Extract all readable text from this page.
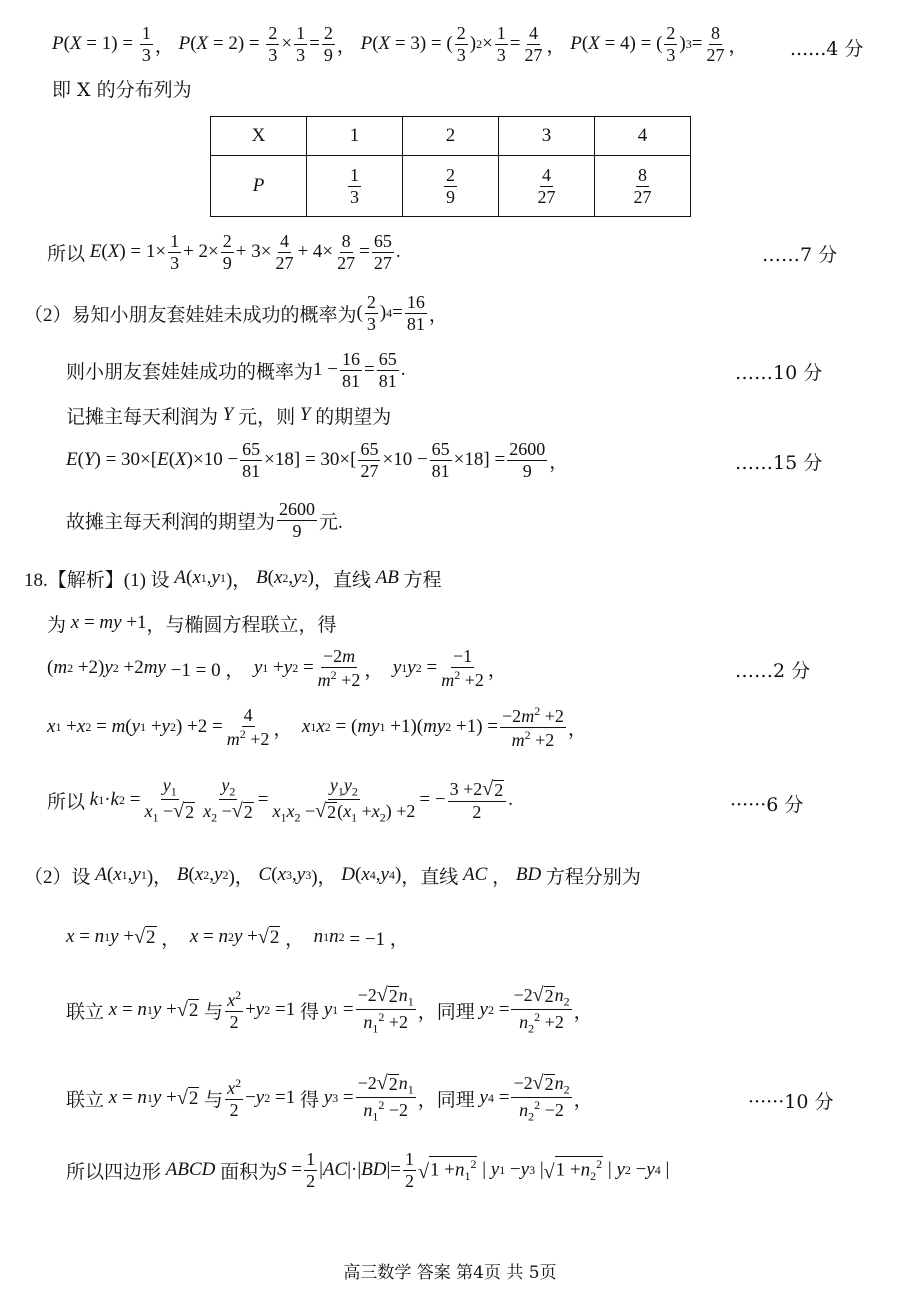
P ( $X = 1) = \frac{1}{3}$ ， P ( $X = 2) = \frac{2}{3} \times \frac{1}{3} = \frac{2}{9}$ ， P ( X = 3) = ( $\frac{2}{3}$ ) $2 \times \frac{1}{3} = \frac{4}{27}$ ， P ( X = 4) = ( $\frac{2}{3}$ ) $3 = \frac{8}{27}$ ， ......4 分
即 X 的分布列为
X	1	2	3	4
P	$\frac{1}{3}$	$\frac{2}{9}$	$\frac{4}{27}$	$\frac{8}{27}$
所以
E ( X ) = $1\times \frac{1}{3} + 2\times \frac{2}{9} + 3\times \frac{4}{27} + 4\times \frac{8}{27} = \frac{65}{27}$ .	……7 分
（2）易知小朋友套娃娃未成功的概率为 ( $\frac{2}{3}$ ) $4 = \frac{16}{81}$ ，
则小朋友套娃娃成功的概率为 $1 - \frac{16}{81} = \frac{65}{81}$ .	……10 分
记摊主每天利润为
Y
元，则
Y
的期望为
E ( Y ) = 30×[ E ( X )$\times 10 - \frac{65}{81} \times 18] = 30\times[ \frac{65}{27} \times 10 - \frac{65}{81} \times 18] = \frac{2600}{9}$ ，	……15 分
故摊主每天利润的期望为 $\frac{2600}{9}$ 元.
18.【解析】(1) 设
A ( x 1 , y 1 )， B ( x 2 , y 2 ) ，直线
AB
方程
为
x = my +1 ，与椭圆方程联立，得
( m 2 +2) y 2 +2 my −1 = 0 ， y 1 + y $2 = \frac{-2m}{m^2 +2}$ ， y 1 y $2 = \frac{-1}{m^2 +2}$ ，	……2 分
x 1 + x 2 = m ( y 1 + y 2 ) $+2 = \frac{4}{m^2 +2}$ ， x 1 x 2 = ( my 1 +1)( my $2 +1) = \frac{-2m^2 +2}{m^2 +2}$ ，
所以
k 1 · k $2 = \frac{y_1}{x_1 - √ 2} \frac{y_2}{x_2 - √ 2} = \frac{y_1y_2}{x_1x_2 - √ 2 (x_1 +x_2) +2}$ = − $\frac{3 +2 √ 2}{2}$ .	······6 分
（2）设
A ( x 1 , y 1 )， B ( x 2 , y 2 )， C ( x 3 , y 3 )， D ( x 4 , y 4 ) ，直线
AC ， BD
方程分别为
x = n 1 y + √ 2 ， x = n 2 y + √ 2 ， n 1 n 2 = −1 ，
联立
x = n 1 y + √ 2
与 $\frac{x^2}{2} + y$ 2 =1 得
y $1 = \frac{-2 √ 2 n_1}{n_1^2 +2}$ ，同理
y $2 = \frac{-2 √ 2 n_2}{n_2^2 +2}$ ，
联立
x = n 1 y + √ 2
与 $\frac{x^2}{2} - y$ 2 =1 得
y $3 = \frac{-2 √ 2 n_1}{n_1^2 -2}$ ，同理
y $4 = \frac{-2 √ 2 n_2}{n_2^2 -2}$ ，	······10 分
所以四边形
ABCD
面积为 $S = \frac{1}{2}$ | AC |·| BD |= $\frac{1}{2}$ √ $1 +n_1^2$ | y 1 − y 3 | √ $1 +n_2^2$ | y 2 − y 4 |
高三数学 答案 第4页 共 5页
